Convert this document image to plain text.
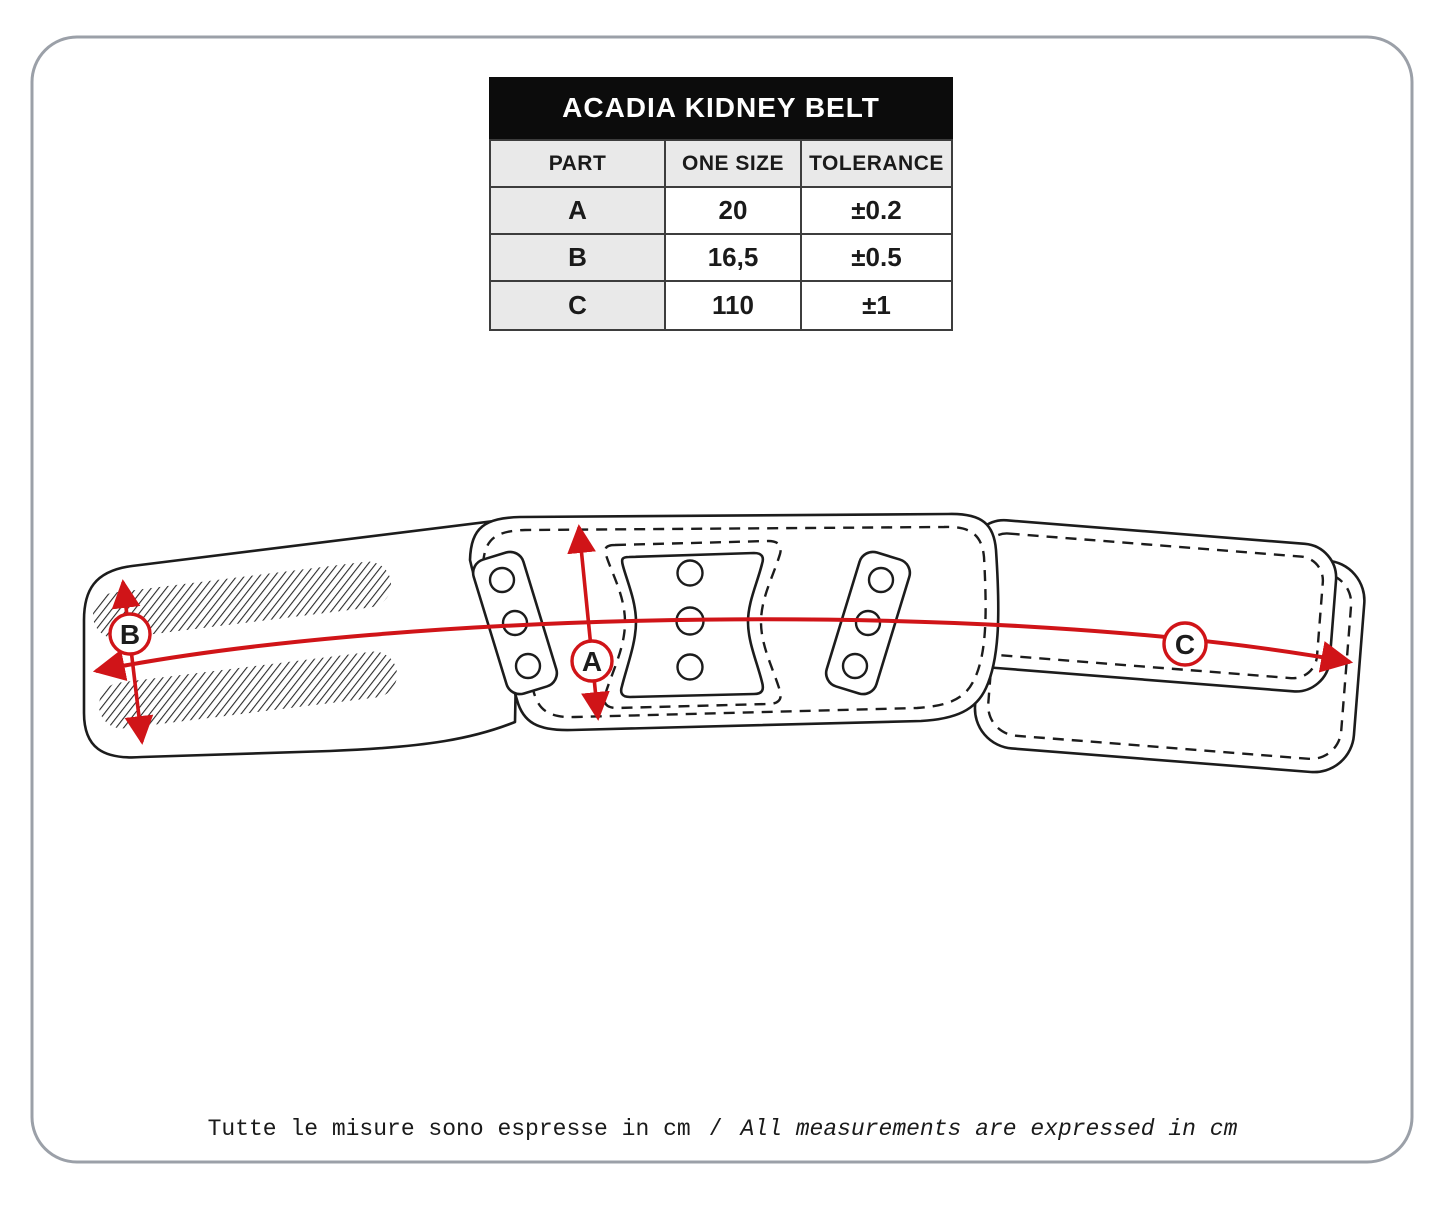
B
A
C
ACADIA KIDNEY BELT
PART	ONE SIZE	TOLERANCE
A	20	±0.2
B	16,5	±0.5
C	110	±1
Tutte le misure sono espresse in cm / All measurements are expressed in cm
